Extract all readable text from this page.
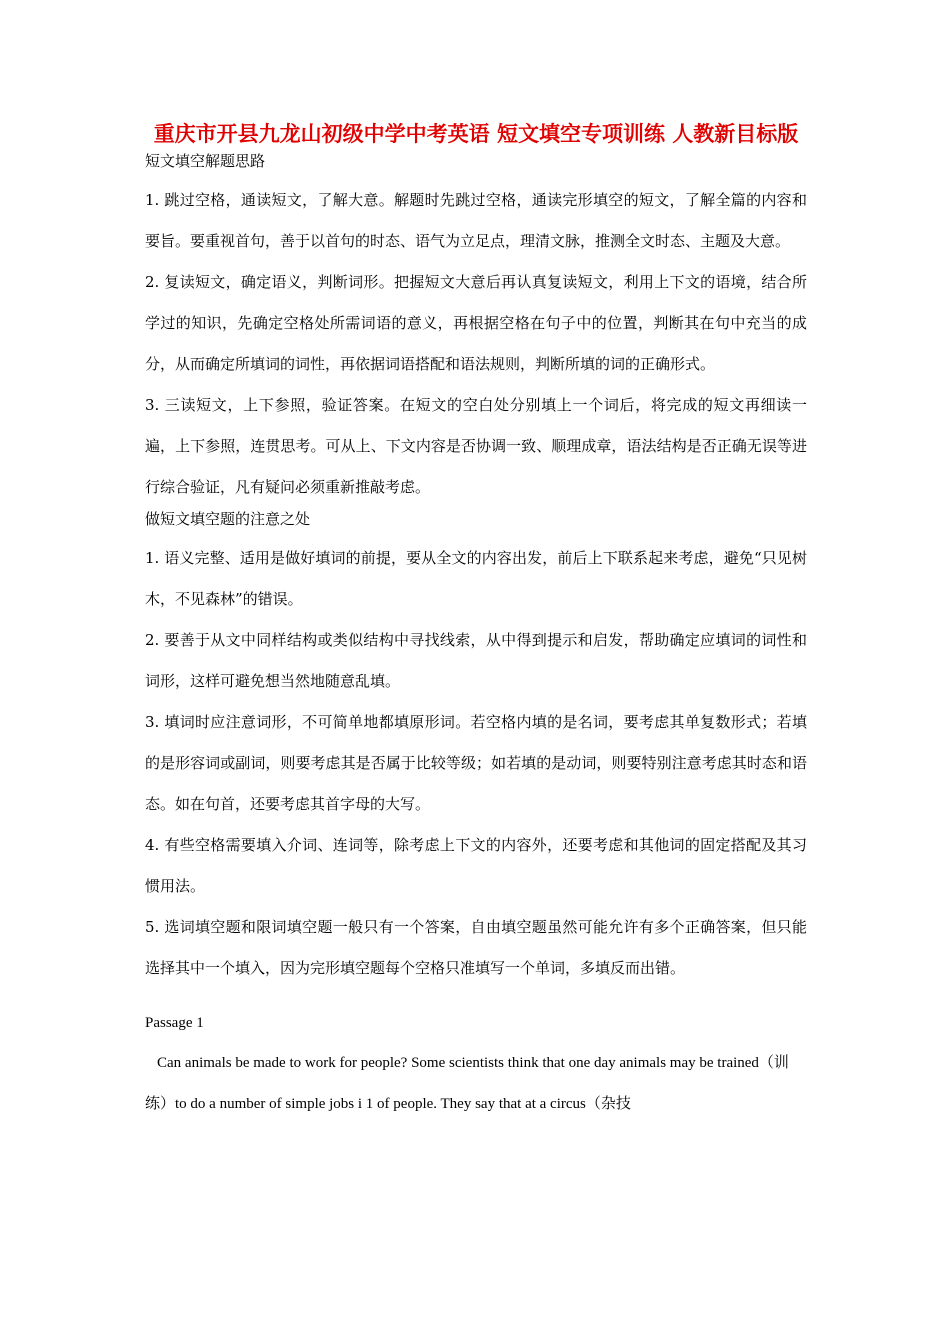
重庆市开县九龙山初级中学中考英语 短文填空专项训练 人教新目标版
短文填空解题思路

1. 跳过空格，通读短文，了解大意。解题时先跳过空格，通读完形填空的短文，了解全篇的内容和要旨。要重视首句，善于以首句的时态、语气为立足点，理清文脉，推测全文时态、主题及大意。

2. 复读短文，确定语义，判断词形。把握短文大意后再认真复读短文，利用上下文的语境，结合所学过的知识，先确定空格处所需词语的意义，再根据空格在句子中的位置，判断其在句中充当的成分，从而确定所填词的词性，再依据词语搭配和语法规则，判断所填的词的正确形式。

3. 三读短文，上下参照，验证答案。在短文的空白处分别填上一个词后，将完成的短文再细读一遍，上下参照，连贯思考。可从上、下文内容是否协调一致、顺理成章，语法结构是否正确无误等进行综合验证，凡有疑问必须重新推敲考虑。

做短文填空题的注意之处

1. 语义完整、适用是做好填词的前提，要从全文的内容出发，前后上下联系起来考虑，避免“只见树木，不见森林”的错误。

2. 要善于从文中同样结构或类似结构中寻找线索，从中得到提示和启发，帮助确定应填词的词性和词形，这样可避免想当然地随意乱填。

3. 填词时应注意词形，不可简单地都填原形词。若空格内填的是名词，要考虑其单复数形式；若填的是形容词或副词，则要考虑其是否属于比较等级；如若填的是动词，则要特别注意考虑其时态和语态。如在句首，还要考虑其首字母的大写。

4. 有些空格需要填入介词、连词等，除考虑上下文的内容外，还要考虑和其他词的固定搭配及其习惯用法。

5. 选词填空题和限词填空题一般只有一个答案，自由填空题虽然可能允许有多个正确答案，但只能选择其中一个填入，因为完形填空题每个空格只准填写一个单词，多填反而出错。

Passage 1

Can animals be made to work for people? Some scientists think that one day animals may be trained（训练）to do a number of simple jobs i 1 of people. They say that at a circus（杂技
